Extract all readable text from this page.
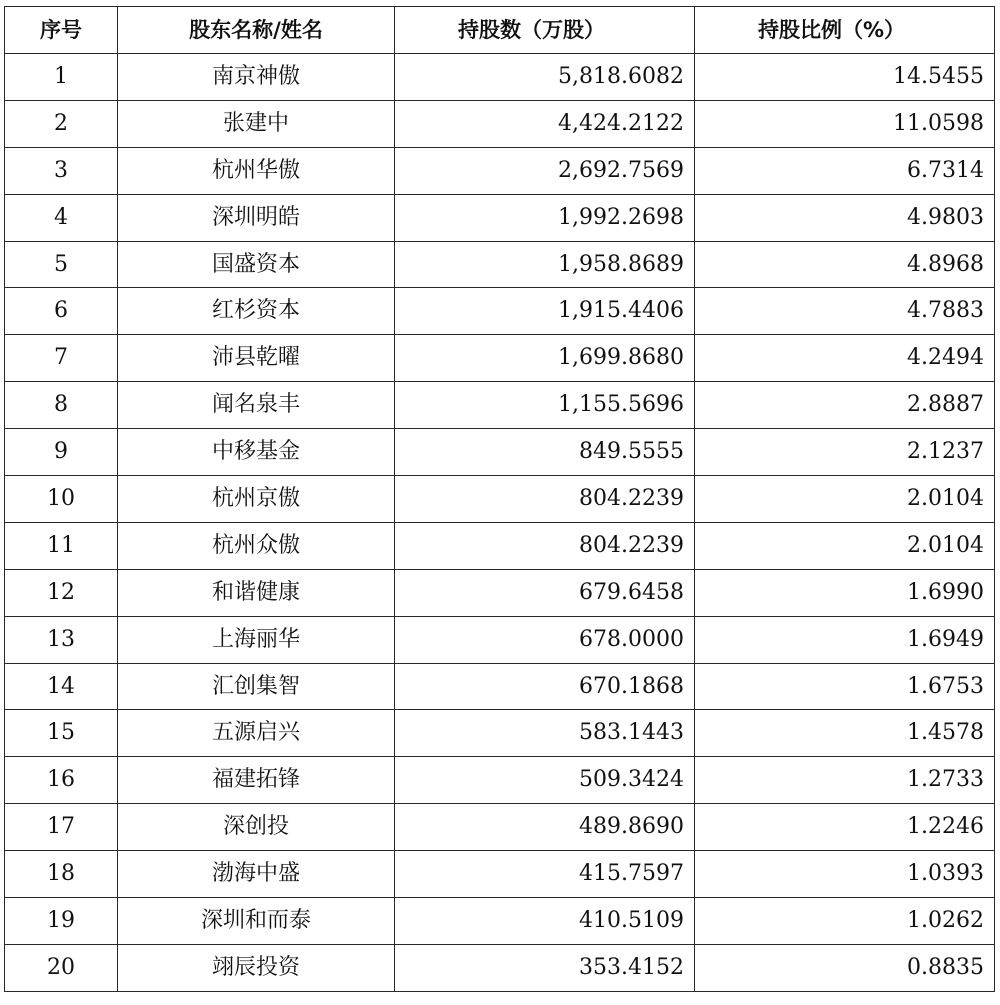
序号	股东名称/姓名	持股数（万股）	持股比例（%）
1	南京神傲	5,818.6082	14.5455
2	张建中	4,424.2122	11.0598
3	杭州华傲	2,692.7569	6.7314
4	深圳明皓	1,992.2698	4.9803
5	国盛资本	1,958.8689	4.8968
6	红杉资本	1,915.4406	4.7883
7	沛县乾曜	1,699.8680	4.2494
8	闻名泉丰	1,155.5696	2.8887
9	中移基金	849.5555	2.1237
10	杭州京傲	804.2239	2.0104
11	杭州众傲	804.2239	2.0104
12	和谐健康	679.6458	1.6990
13	上海丽华	678.0000	1.6949
14	汇创集智	670.1868	1.6753
15	五源启兴	583.1443	1.4578
16	福建拓锋	509.3424	1.2733
17	深创投	489.8690	1.2246
18	渤海中盛	415.7597	1.0393
19	深圳和而泰	410.5109	1.0262
20	翊辰投资	353.4152	0.8835
